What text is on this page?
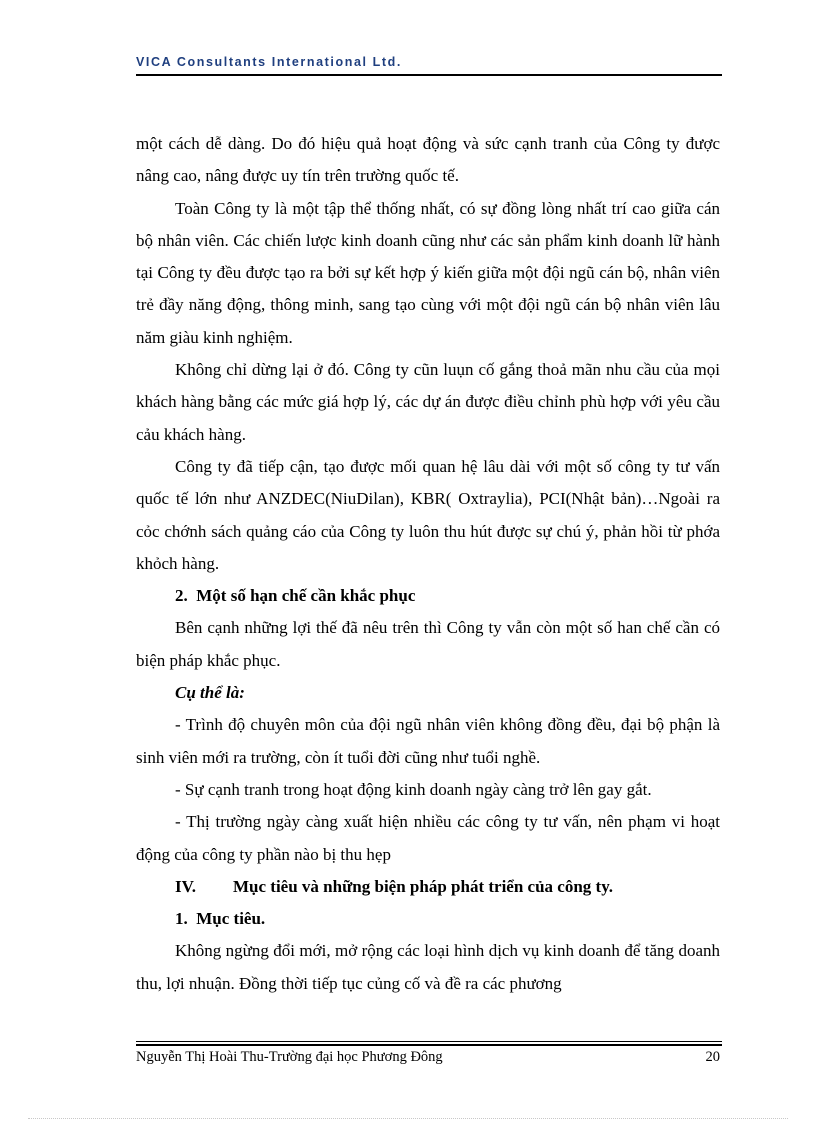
VICA Consultants International Ltd.

một cách dễ dàng. Do đó hiệu quả hoạt động và sức cạnh tranh của Công ty được nâng cao, nâng được uy tín trên trường quốc tế.

Toàn Công ty là một tập thể thống nhất, có sự đồng lòng nhất trí cao giữa cán bộ nhân viên. Các chiến lược kinh doanh cũng như các sản phẩm kinh doanh lữ hành tại Công ty đều được tạo ra bởi sự kết hợp ý kiến giữa một đội ngũ cán bộ, nhân viên trẻ đầy năng động, thông minh, sang tạo cùng với một đội ngũ cán bộ nhân viên lâu năm giàu kinh nghiệm.

Không chỉ dừng lại ở đó. Công ty cũn luụn cố gắng thoả mãn nhu cầu của mọi khách hàng bằng các mức giá hợp lý, các dự án được điều chỉnh phù hợp với yêu cầu cảu khách hàng.

Công ty đã tiếp cận, tạo được mối quan hệ lâu dài với một số công ty tư vấn quốc tế lớn như ANZDEC(NiuDilan), KBR( Oxtraylia), PCI(Nhật bản)…Ngoài ra cỏc chớnh sách quảng cáo của Công ty luôn thu hút được sự chú ý, phản hồi từ phớa khỏch hàng.

2. Một số hạn chế cần khắc phục

Bên cạnh những lợi thế đã nêu trên thì Công ty vẫn còn một số han chế cần có biện pháp khắc phục.

Cụ thể là:

- Trình độ chuyên môn của đội ngũ nhân viên không đồng đều, đại bộ phận là sinh viên mới ra trường, còn ít tuổi đời cũng như tuổi nghề.

- Sự cạnh tranh trong hoạt động kinh doanh ngày càng trở lên gay gắt.

- Thị trường ngày càng xuất hiện nhiều các công ty tư vấn, nên phạm vi hoạt động của công ty phần nào bị thu hẹp

IV. Mục tiêu và những biện pháp phát triển của công ty.

1. Mục tiêu.

Không ngừng đổi mới, mở rộng các loại hình dịch vụ kinh doanh để tăng doanh thu, lợi nhuận. Đồng thời tiếp tục củng cố và đề ra các phương

Nguyễn Thị Hoài Thu-Trường đại học Phương Đông	20
